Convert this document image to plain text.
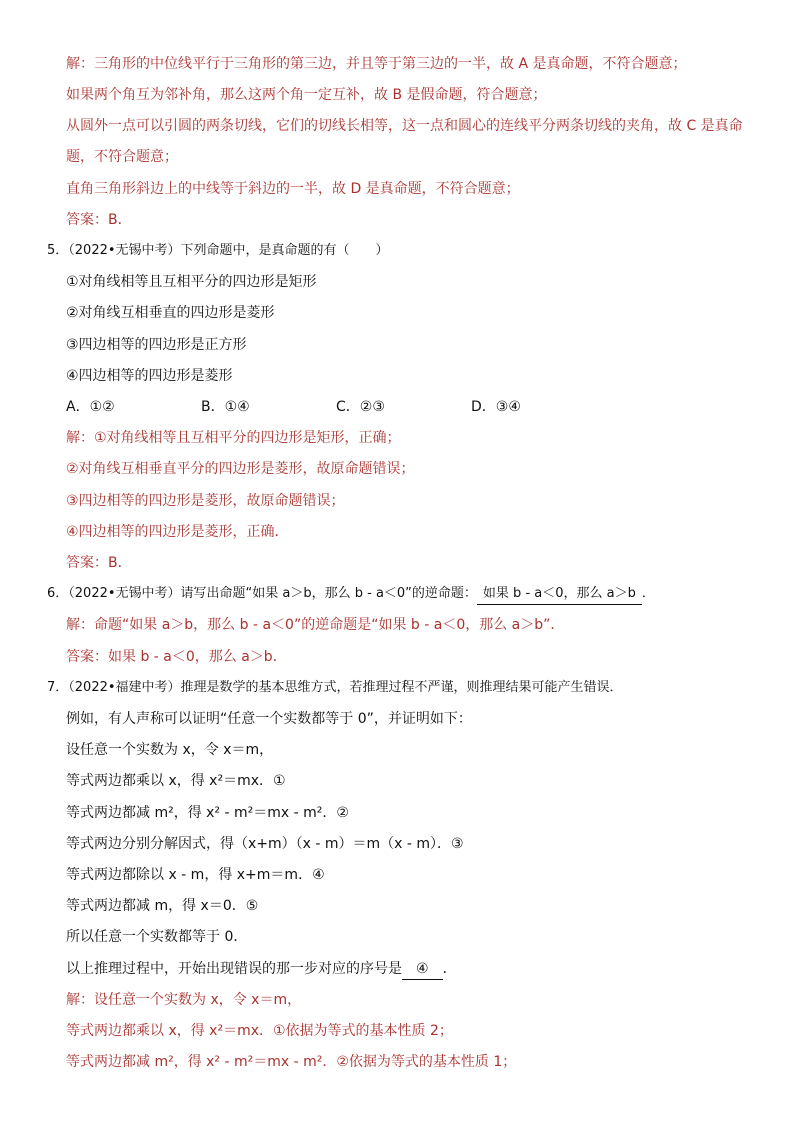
解：三角形的中位线平行于三角形的第三边，并且等于第三边的一半，故 A 是真命题，不符合题意；
如果两个角互为邻补角，那么这两个角一定互补，故 B 是假命题，符合题意；
从圆外一点可以引圆的两条切线，它们的切线长相等，这一点和圆心的连线平分两条切线的夹角，故 C 是真命
题，不符合题意；
直角三角形斜边上的中线等于斜边的一半，故 D 是真命题，不符合题意；
答案：B．
5．（2022•无锡中考）下列命题中，是真命题的有（　　）
①对角线相等且互相平分的四边形是矩形
②对角线互相垂直的四边形是菱形
③四边相等的四边形是正方形
④四边相等的四边形是菱形
A．①②	B．①④	C．②③	D．③④
解：①对角线相等且互相平分的四边形是矩形，正确；
②对角线互相垂直平分的四边形是菱形，故原命题错误；
③四边相等的四边形是菱形，故原命题错误；
④四边相等的四边形是菱形，正确．
答案：B．
6．（2022•无锡中考）请写出命题“如果 a＞b，那么 b - a＜0”的逆命题： 如果 b - a＜0，那么 a＞b ．
解：命题“如果 a＞b，那么 b - a＜0”的逆命题是“如果 b - a＜0，那么 a＞b”．
答案：如果 b - a＜0，那么 a＞b．
7．（2022•福建中考）推理是数学的基本思维方式，若推理过程不严谨，则推理结果可能产生错误．
例如，有人声称可以证明“任意一个实数都等于 0”，并证明如下：
设任意一个实数为 x，令 x＝m，
等式两边都乘以 x，得 x²＝mx．①
等式两边都减 m²，得 x² - m²＝mx - m²．②
等式两边分别分解因式，得（x+m）（x - m）＝m（x - m）．③
等式两边都除以 x - m，得 x+m＝m．④
等式两边都减 m，得 x＝0．⑤
所以任意一个实数都等于 0．
以上推理过程中，开始出现错误的那一步对应的序号是 ④ ．
解：设任意一个实数为 x，令 x＝m，
等式两边都乘以 x，得 x²＝mx．①依据为等式的基本性质 2；
等式两边都减 m²，得 x² - m²＝mx - m²．②依据为等式的基本性质 1；
